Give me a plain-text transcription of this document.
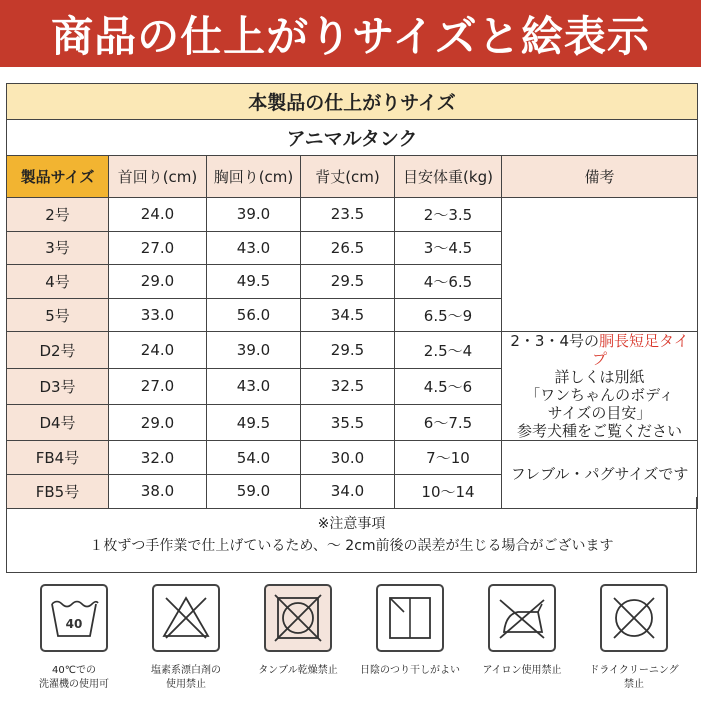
商品の仕上がりサイズと絵表示
本製品の仕上がりサイズ					
アニマルタンク					
製品サイズ	首回り(cm)	胸回り(cm)	背丈(cm)	目安体重(kg)	備考
2号	24.0	39.0	23.5	2〜3.5	
3号	27.0	43.0	26.5	3〜4.5	
4号	29.0	49.5	29.5	4〜6.5	
5号	33.0	56.0	34.5	6.5〜9	
D2号	24.0	39.0	29.5	2.5〜4	2・3・4号の胴長短足タイプ
詳しくは別紙
「ワンちゃんのボディ
サイズの目安」
参考犬種をご覧ください

D3号	27.0	43.0	32.5	4.5〜6	
D4号	29.0	49.5	35.5	6〜7.5	
FB4号	32.0	54.0	30.0	7〜10	フレブル・パグサイズです
FB5号	38.0	59.0	34.0	10〜14	
※注意事項
１枚ずつ手作業で仕上げているため、～ 2cm前後の誤差が生じる場合がございます
40
40℃での
洗濯機の使用可
塩素系漂白剤の
使用禁止
タンブル乾燥禁止	日陰のつり干しがよい	アイロン使用禁止	ドライクリーニング
禁止
